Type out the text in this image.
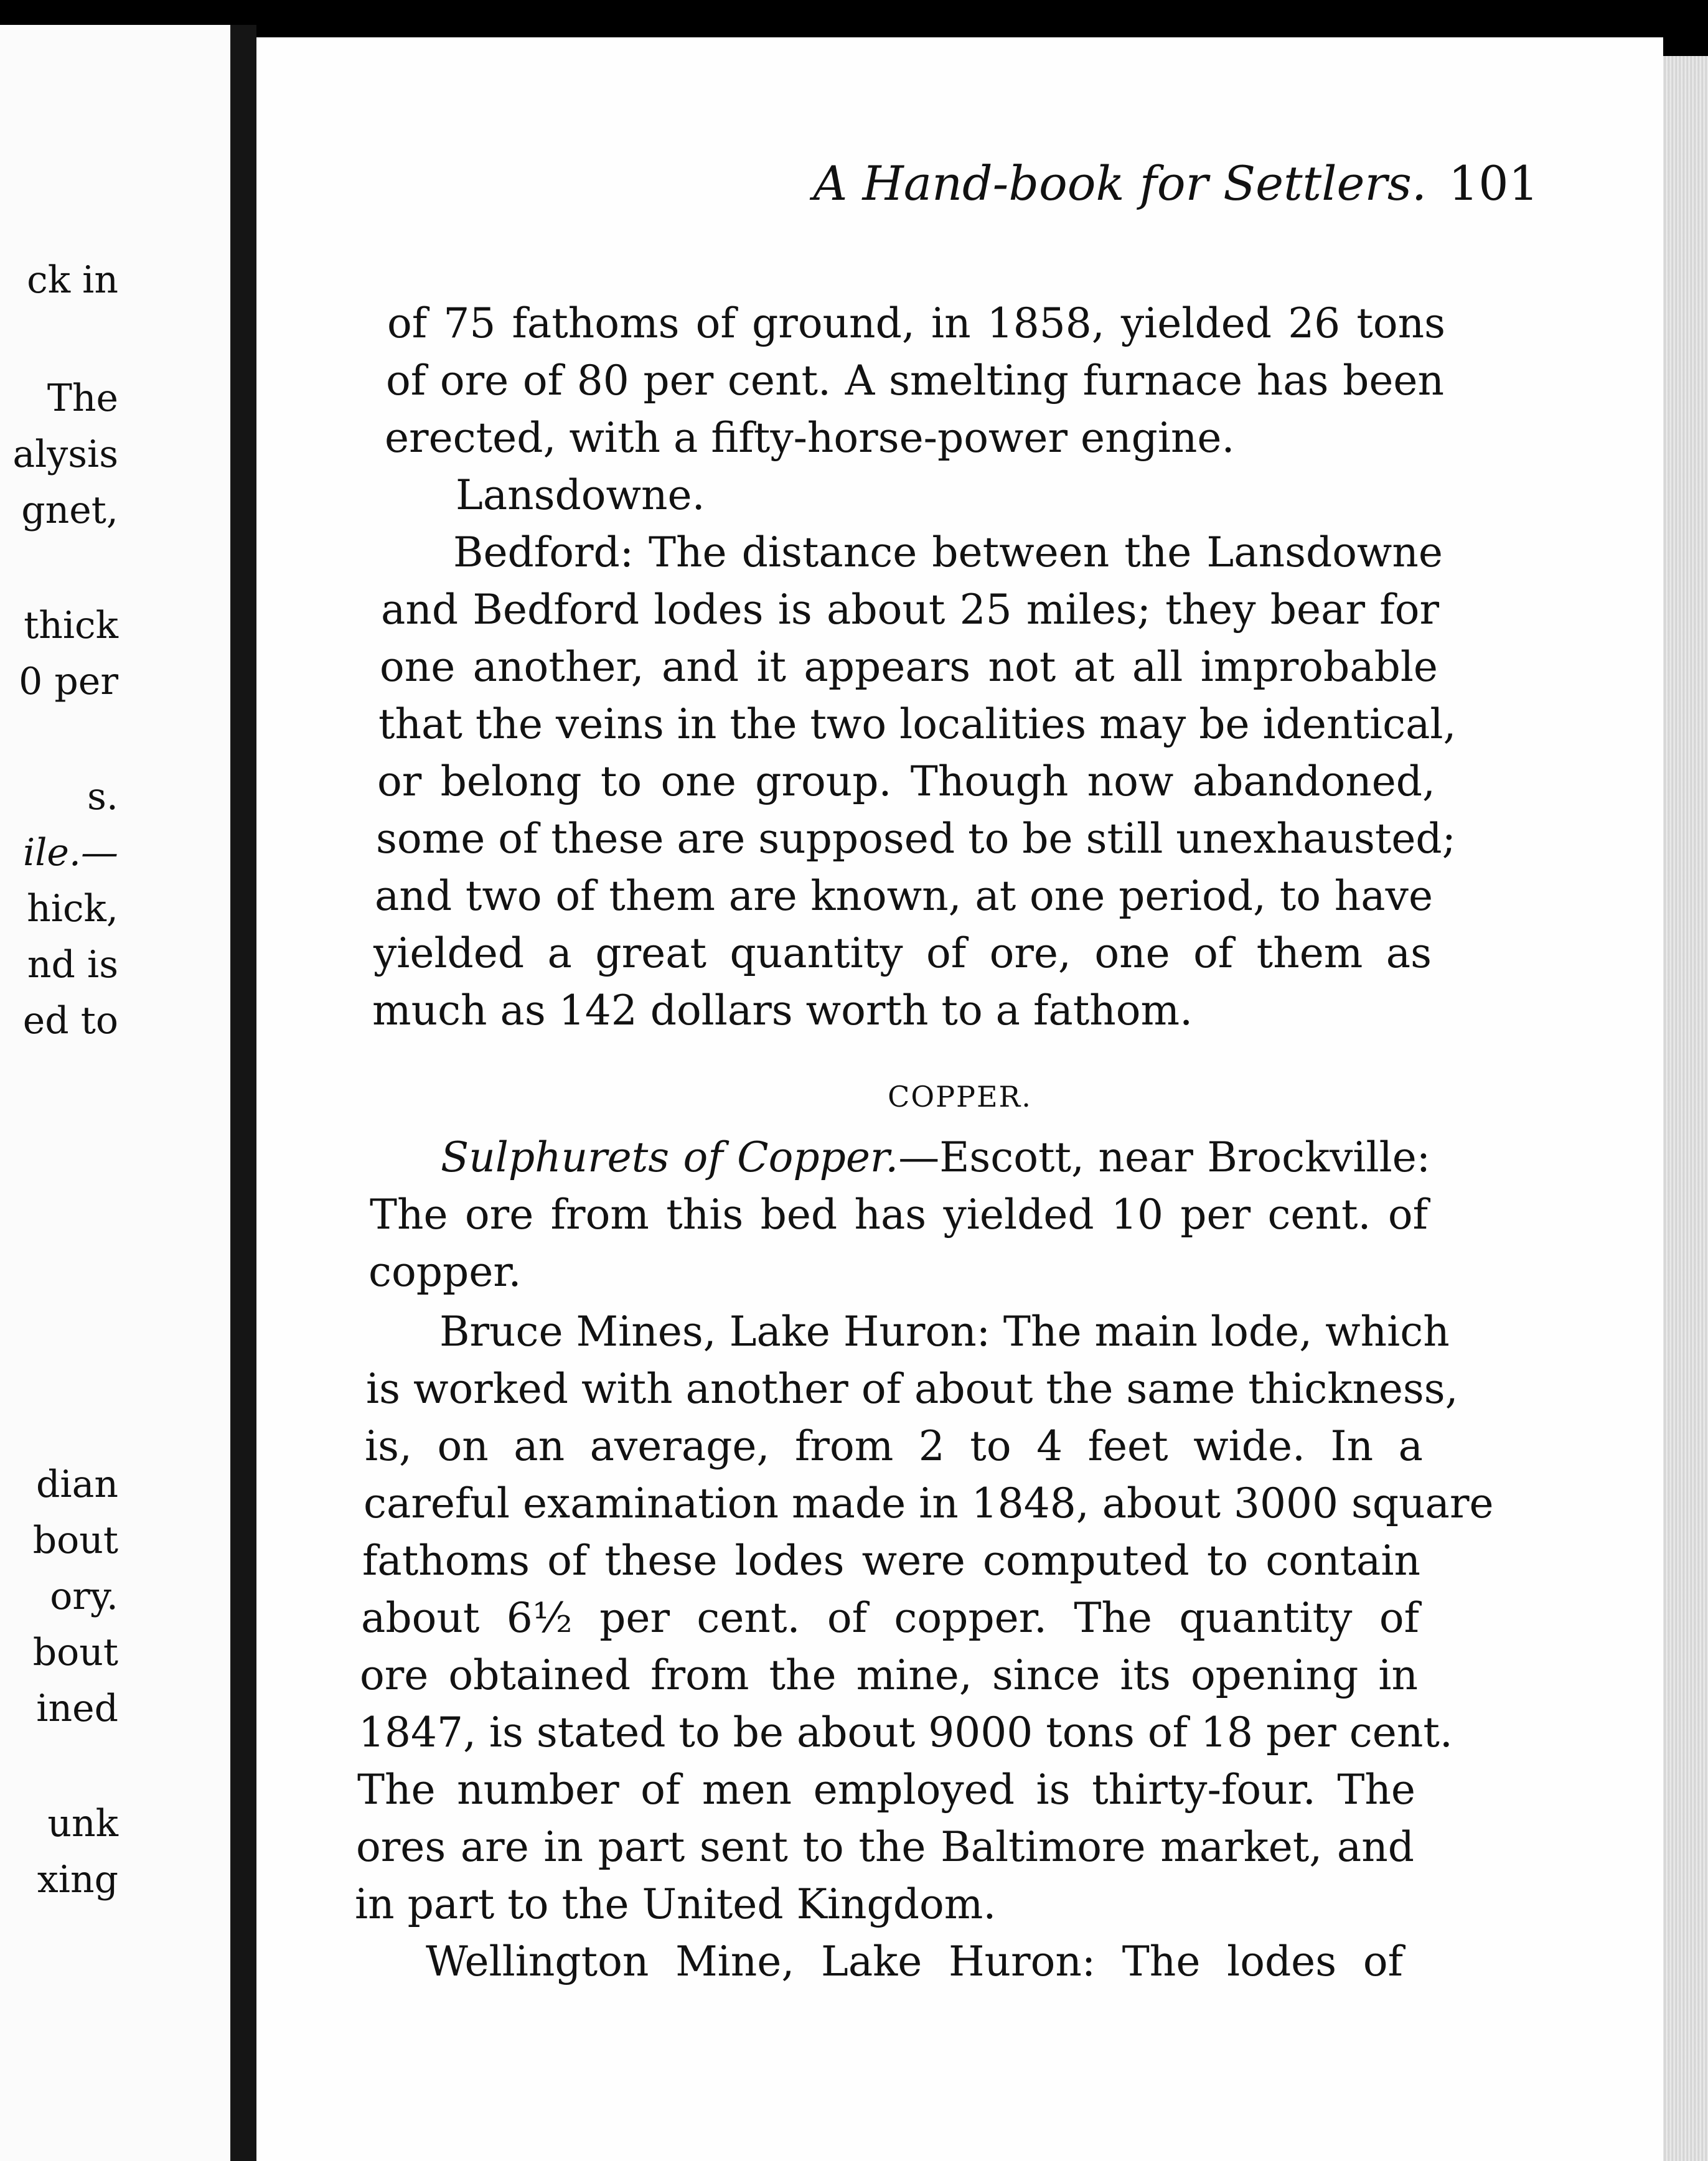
ck in
The
alysis
gnet,
thick
0 per
s.
ile.—
hick,
nd is
ed to
dian
bout
ory.
bout
ined
unk
xing
A Hand-book for Settlers. 101
of 75 fathoms of ground, in 1858, yielded 26 tons
of ore of 80 per cent. A smelting furnace has been
erected, with a fifty-horse-power engine.
Lansdowne.
Bedford: The distance between the Lansdowne
and Bedford lodes is about 25 miles; they bear for
one another, and it appears not at all improbable
that the veins in the two localities may be identical,
or belong to one group. Though now abandoned,
some of these are supposed to be still unexhausted;
and two of them are known, at one period, to have
yielded a great quantity of ore, one of them as
much as 142 dollars worth to a fathom.
COPPER.
Sulphurets of Copper.—Escott, near Brockville:
The ore from this bed has yielded 10 per cent. of
copper.
Bruce Mines, Lake Huron: The main lode, which
is worked with another of about the same thickness,
is, on an average, from 2 to 4 feet wide. In a
careful examination made in 1848, about 3000 square
fathoms of these lodes were computed to contain
about 6½ per cent. of copper. The quantity of
ore obtained from the mine, since its opening in
1847, is stated to be about 9000 tons of 18 per cent.
The number of men employed is thirty-four. The
ores are in part sent to the Baltimore market, and
in part to the United Kingdom.
Wellington Mine, Lake Huron: The lodes of
